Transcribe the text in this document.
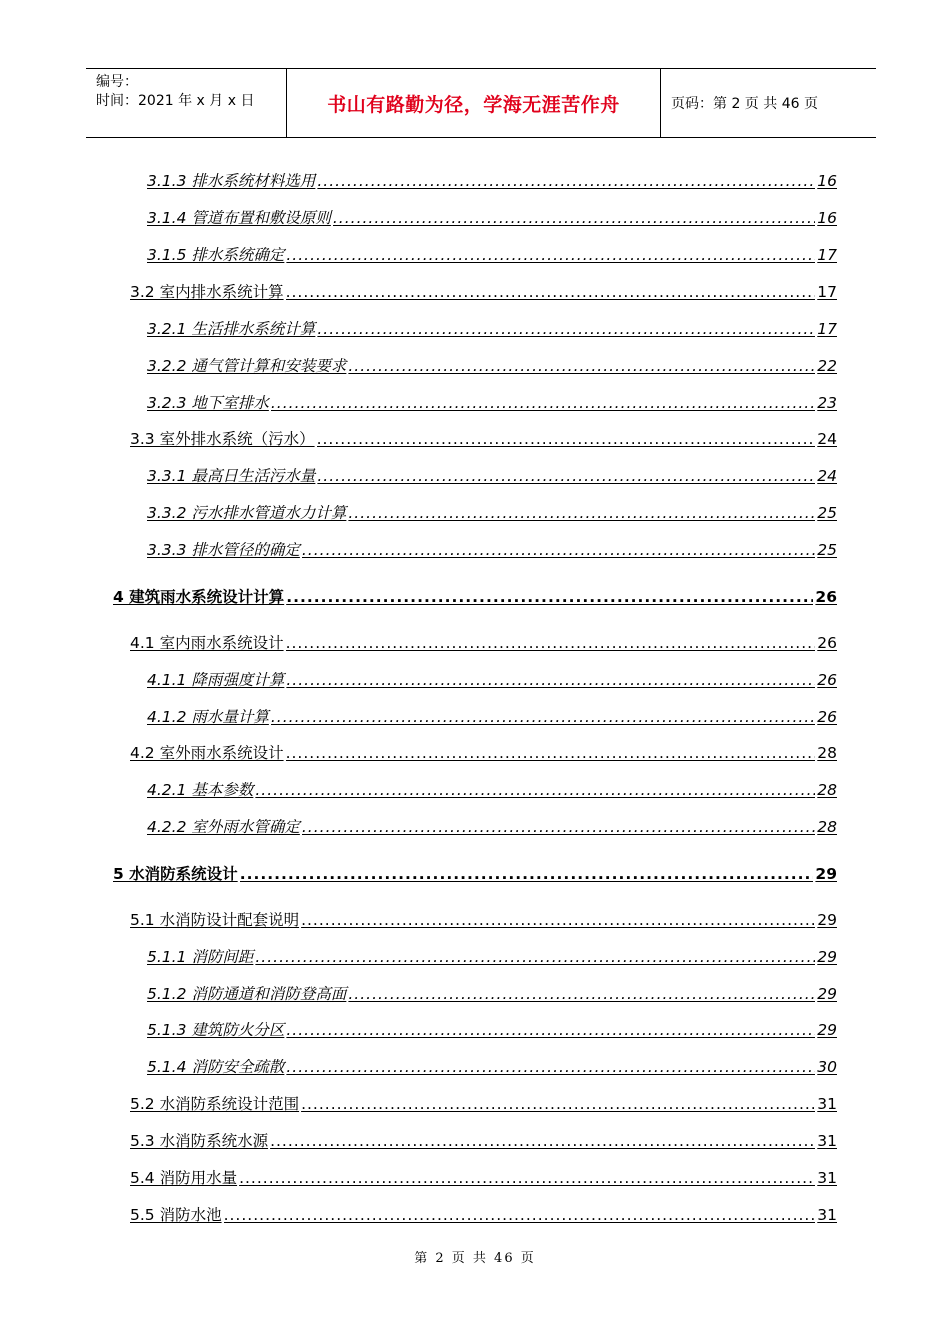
编号：
时间：2021 年 x 月 x 日	书山有路勤为径，学海无涯苦作舟	页码：第 2 页 共 46 页
3.1.3 排水系统材料选用 .....	16
3.1.4 管道布置和敷设原则 .....	16
3.1.5 排水系统确定 .....	17
3.2 室内排水系统计算 .....	17
3.2.1 生活排水系统计算 .....	17
3.2.2 通气管计算和安装要求 .....	22
3.2.3 地下室排水 .....	23
3.3 室外排水系统（污水） .....	24
3.3.1 最高日生活污水量 .....	24
3.3.2 污水排水管道水力计算 .....	25
3.3.3 排水管径的确定 .....	25
4 建筑雨水系统设计计算 .....	26
4.1 室内雨水系统设计 .....	26
4.1.1 降雨强度计算 .....	26
4.1.2 雨水量计算 .....	26
4.2 室外雨水系统设计 .....	28
4.2.1 基本参数 .....	28
4.2.2 室外雨水管确定 .....	28
5 水消防系统设计 .....	29
5.1 水消防设计配套说明 .....	29
5.1.1 消防间距 .....	29
5.1.2 消防通道和消防登高面 .....	29
5.1.3 建筑防火分区 .....	29
5.1.4 消防安全疏散 .....	30
5.2 水消防系统设计范围 .....	31
5.3 水消防系统水源 .....	31
5.4 消防用水量 .....	31
5.5 消防水池 .....	31
第 2 页 共 46 页
